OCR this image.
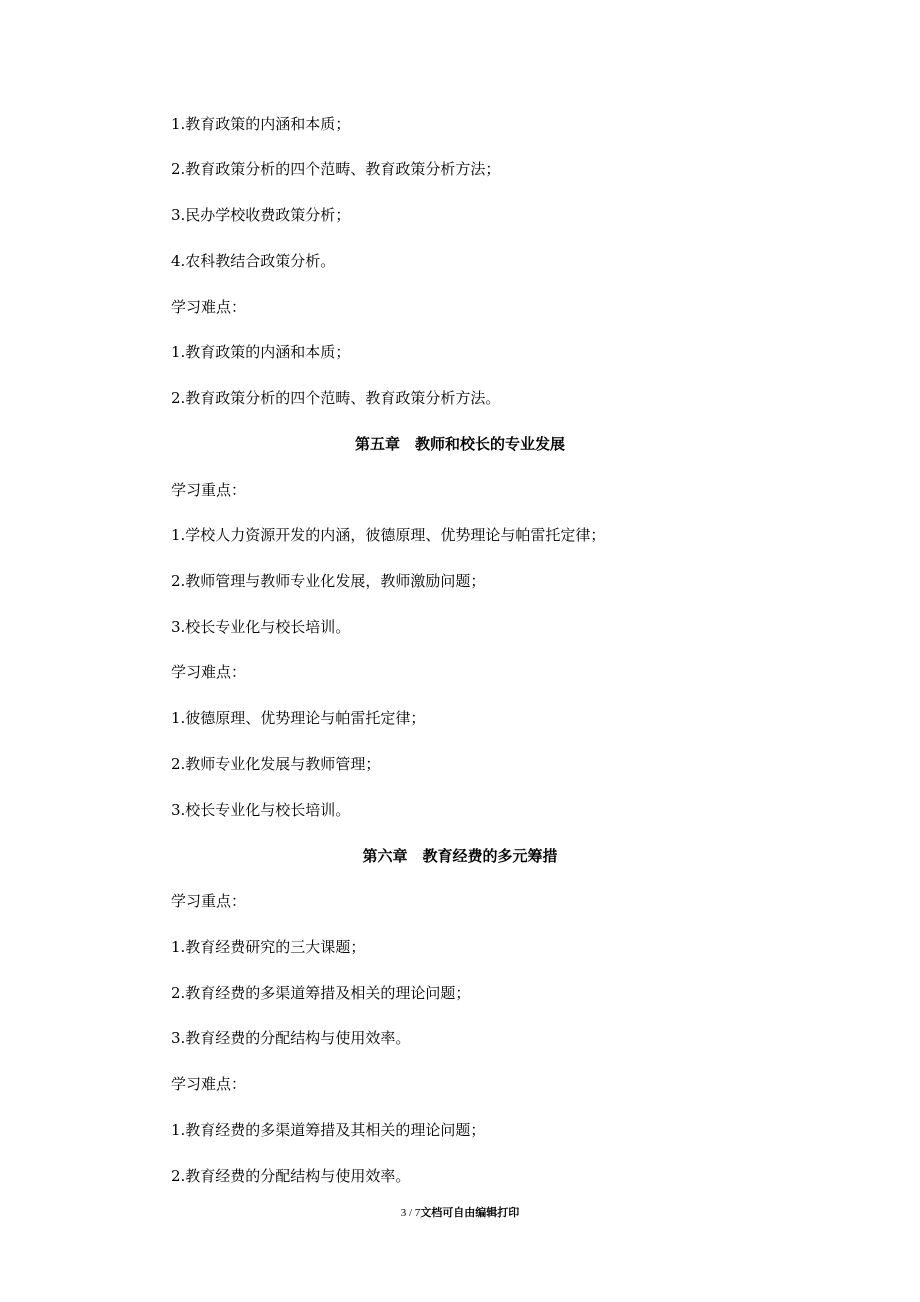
1.教育政策的内涵和本质；
2.教育政策分析的四个范畴、教育政策分析方法；
3.民办学校收费政策分析；
4.农科教结合政策分析。
学习难点：
1.教育政策的内涵和本质；
2.教育政策分析的四个范畴、教育政策分析方法。
第五章　教师和校长的专业发展
学习重点：
1.学校人力资源开发的内涵，彼德原理、优势理论与帕雷托定律；
2.教师管理与教师专业化发展，教师激励问题；
3.校长专业化与校长培训。
学习难点：
1.彼德原理、优势理论与帕雷托定律；
2.教师专业化发展与教师管理；
3.校长专业化与校长培训。
第六章　教育经费的多元筹措
学习重点：
1.教育经费研究的三大课题；
2.教育经费的多渠道筹措及相关的理论问题；
3.教育经费的分配结构与使用效率。
学习难点：
1.教育经费的多渠道筹措及其相关的理论问题；
2.教育经费的分配结构与使用效率。
3 / 7文档可自由编辑打印
